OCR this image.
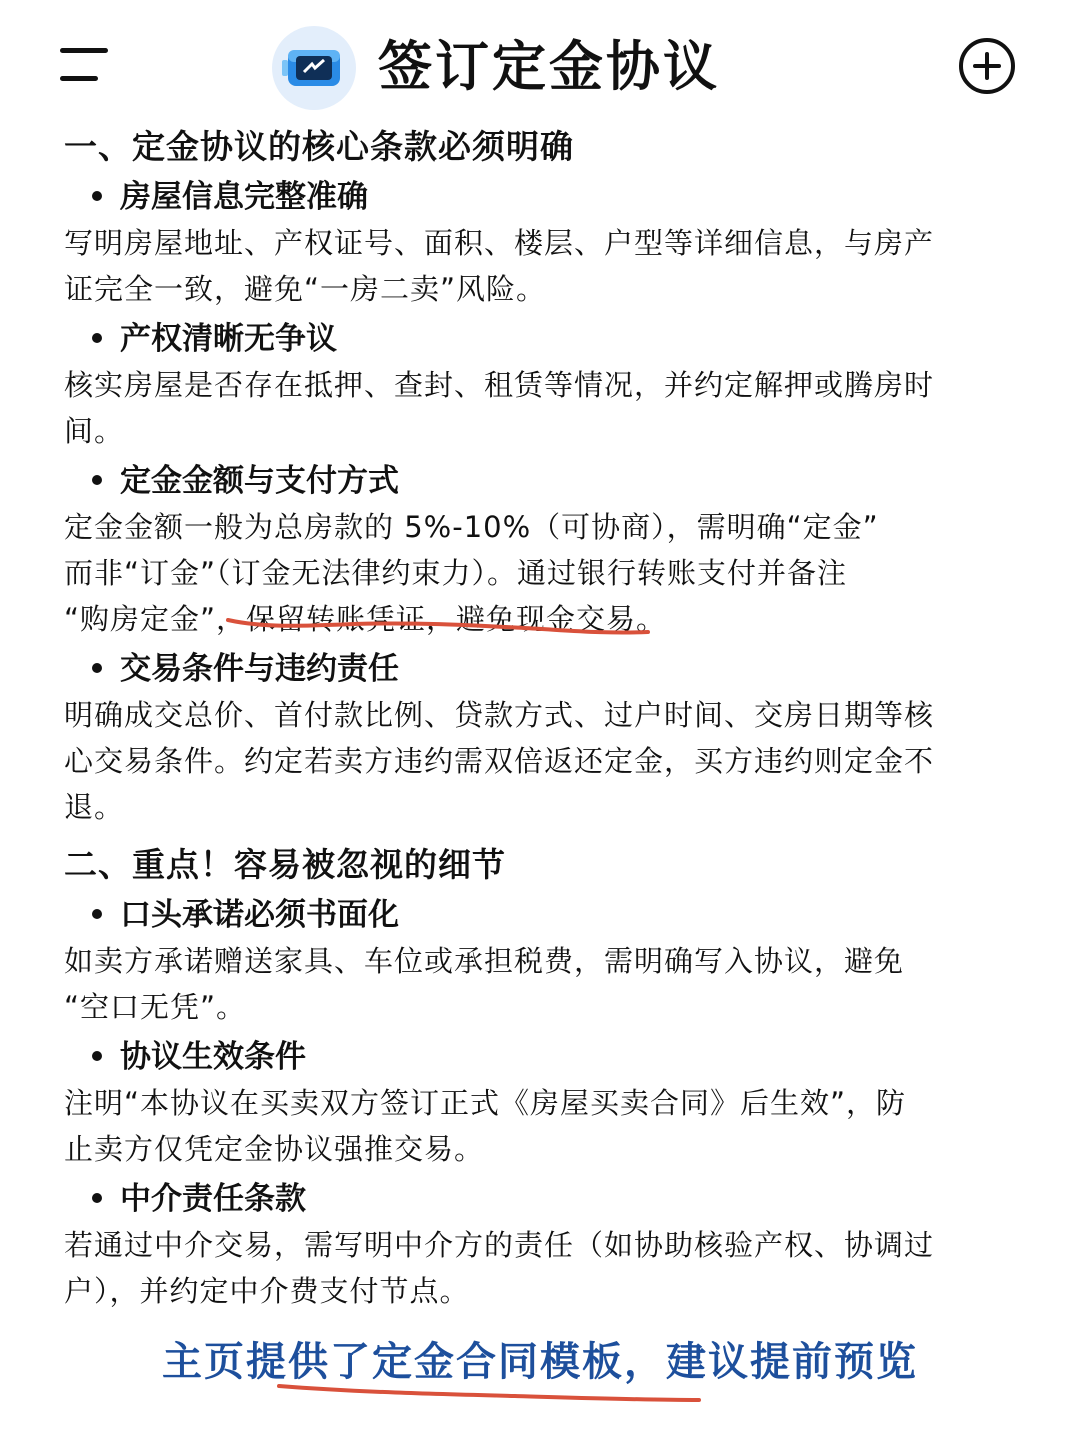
签订定金协议
一、定金协议的核心条款必须明确
房屋信息完整准确

写明房屋地址、产权证号、面积、楼层、户型等详细信息，与房产

证完全一致，避免“一房二卖”风险。

产权清晰无争议

核实房屋是否存在抵押、查封、租赁等情况，并约定解押或腾房时

间。

定金金额与支付方式

定金金额一般为总房款的 5%-10%（可协商），需明确“定金”

而非“订金”（订金无法律约束力）。通过银行转账支付并备注

“购房定金”，保留转账凭证，避免现金交易。

交易条件与违约责任

明确成交总价、首付款比例、贷款方式、过户时间、交房日期等核

心交易条件。约定若卖方违约需双倍返还定金，买方违约则定金不

退。

二、重点！容易被忽视的细节
口头承诺必须书面化

如卖方承诺赠送家具、车位或承担税费，需明确写入协议，避免

“空口无凭”。

协议生效条件

注明“本协议在买卖双方签订正式《房屋买卖合同》后生效”，防

止卖方仅凭定金协议强推交易。

中介责任条款

若通过中介交易，需写明中介方的责任（如协助核验产权、协调过

户），并约定中介费支付节点。

主页提供了定金合同模板，建议提前预览
